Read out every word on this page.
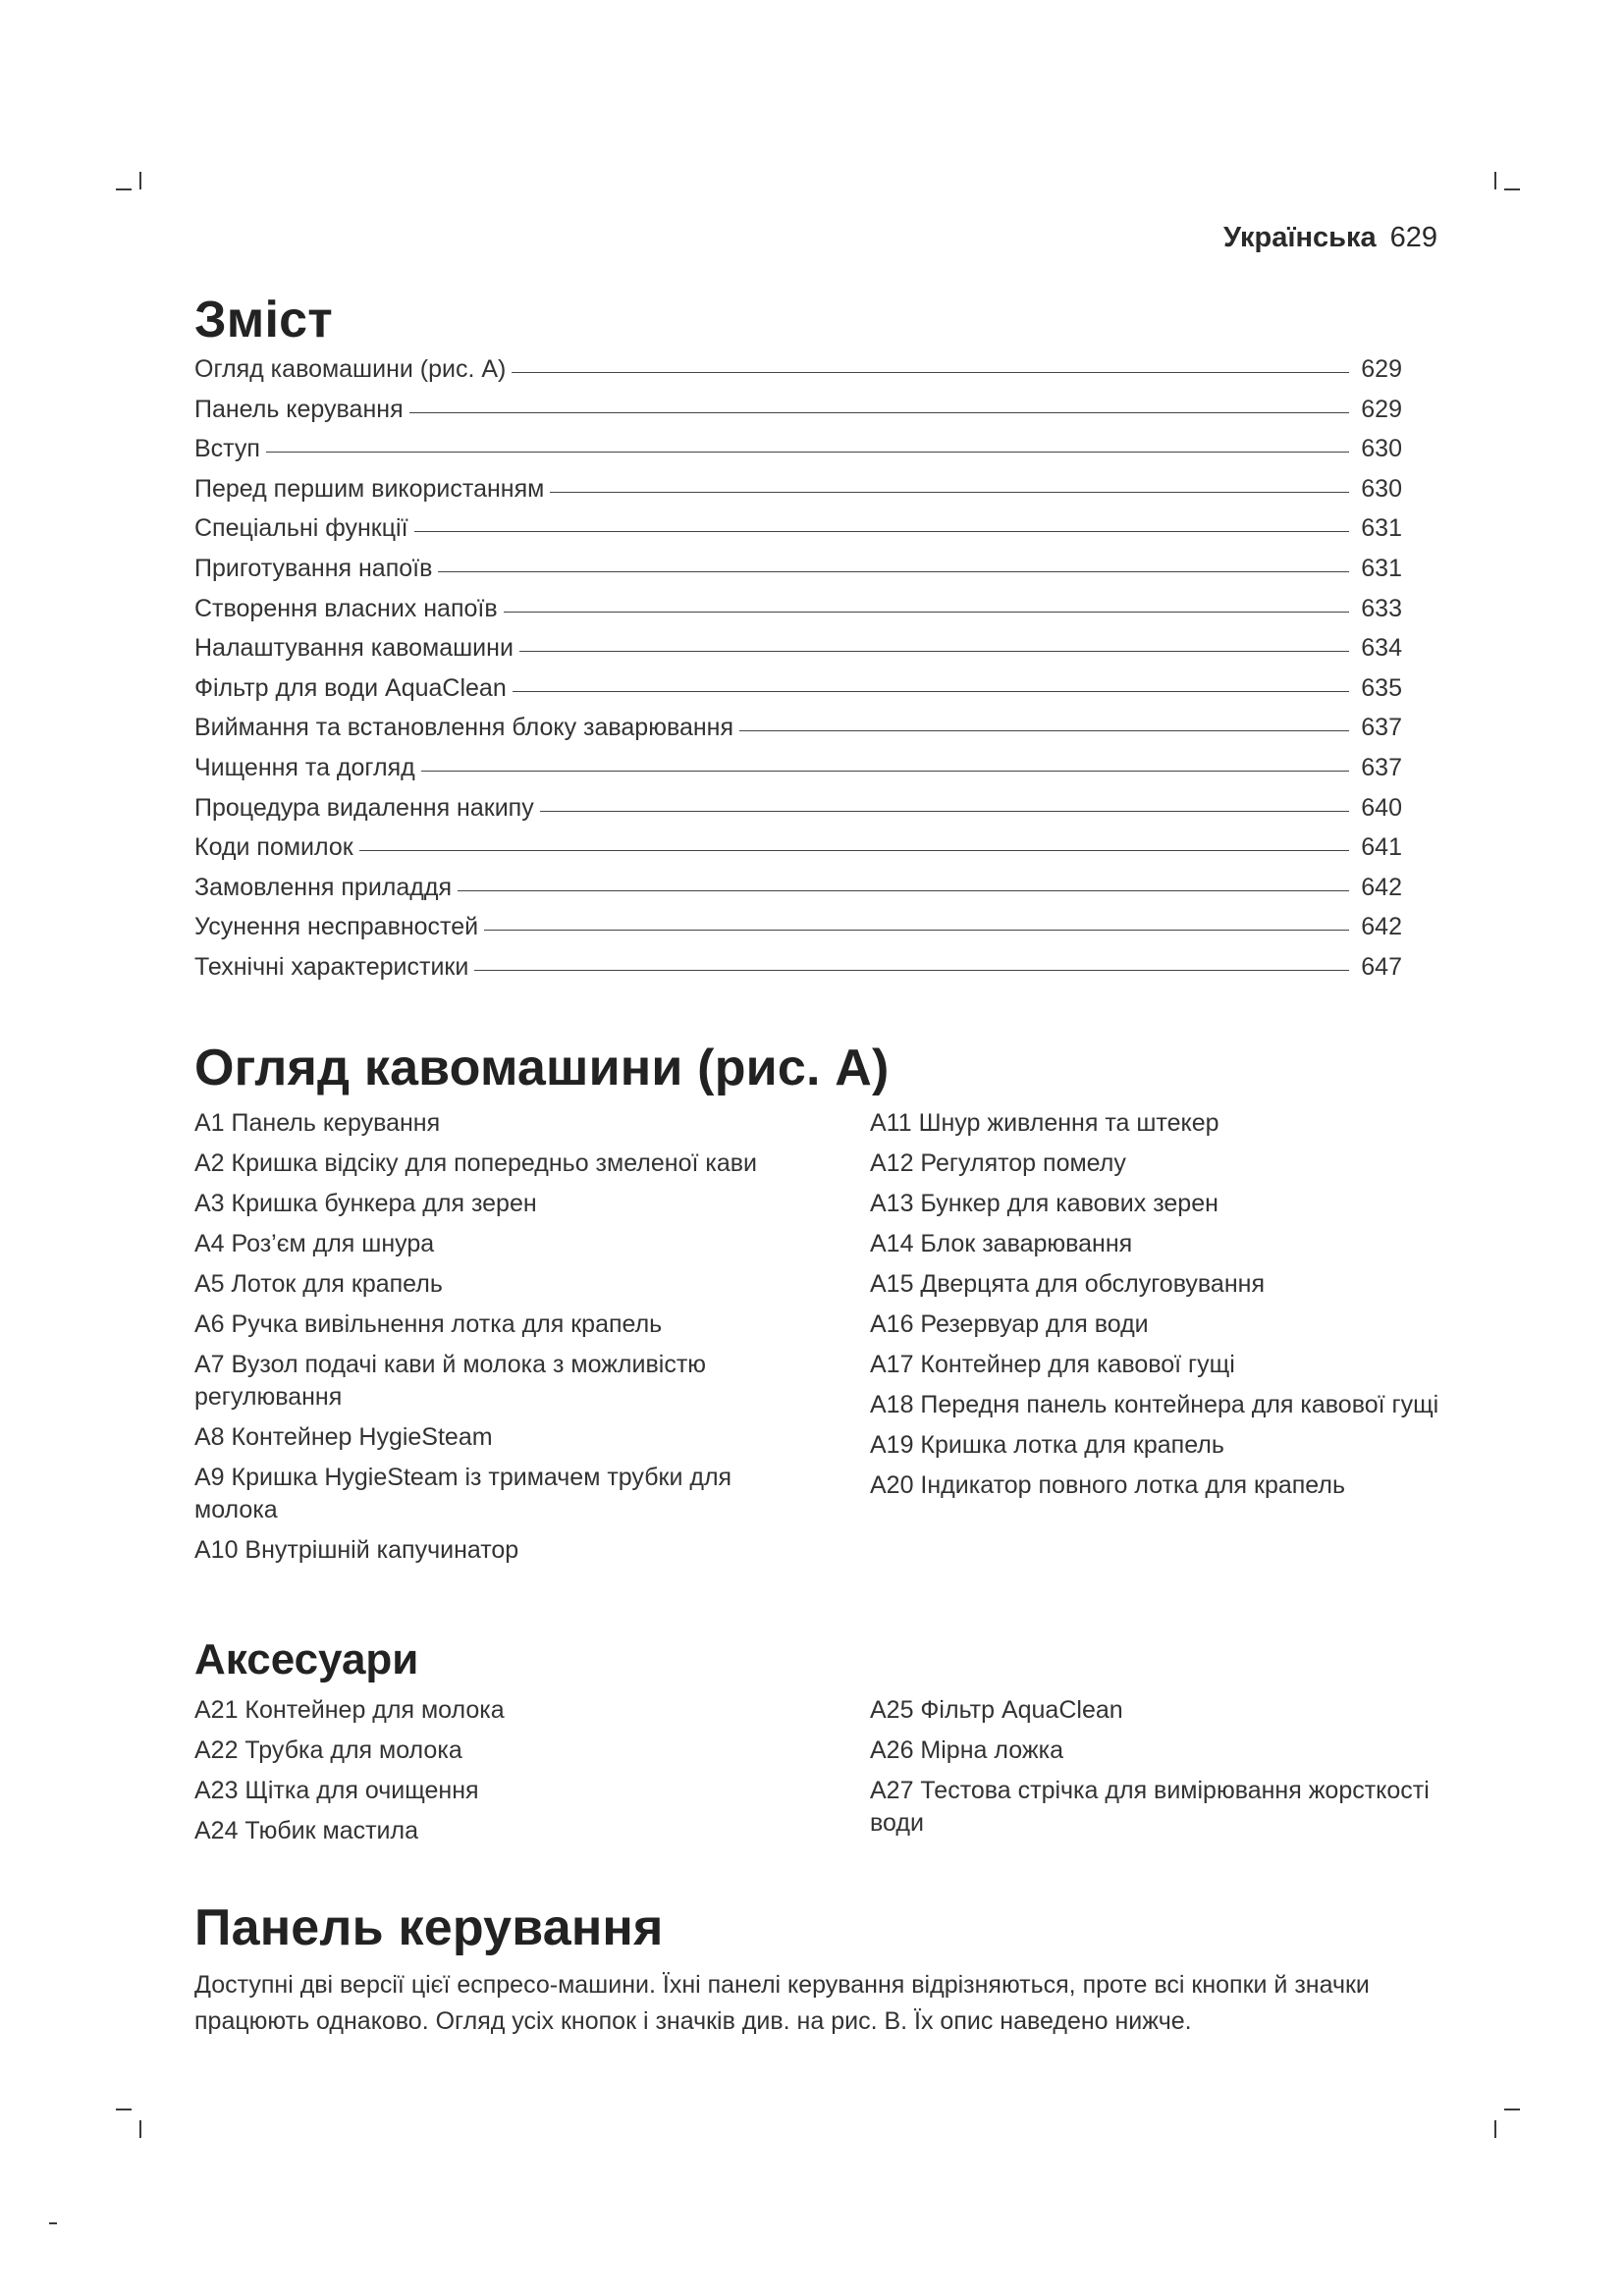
Українська 629
Зміст
Огляд кавомашини (рис. A)	629
Панель керування	629
Вступ	630
Перед першим використанням	630
Спеціальні функції	631
Приготування напоїв	631
Створення власних напоїв	633
Налаштування кавомашини	634
Фільтр для води AquaClean	635
Виймання та встановлення блоку заварювання	637
Чищення та догляд	637
Процедура видалення накипу	640
Коди помилок	641
Замовлення приладдя	642
Усунення несправностей	642
Технічні характеристики	647
Огляд кавомашини (рис. A)
A1 Панель керування
A2 Кришка відсіку для попередньо змеленої кави
A3 Кришка бункера для зерен
A4 Роз’єм для шнура
A5 Лоток для крапель
A6 Ручка вивільнення лотка для крапель
A7 Вузол подачі кави й молока з можливістю регулювання
A8 Контейнер HygieSteam
A9 Кришка HygieSteam із тримачем трубки для молока
A10 Внутрішній капучинатор
A11 Шнур живлення та штекер
A12 Регулятор помелу
A13 Бункер для кавових зерен
A14 Блок заварювання
A15 Дверцята для обслуговування
A16 Резервуар для води
A17 Контейнер для кавової гущі
A18 Передня панель контейнера для кавової гущі
A19 Кришка лотка для крапель
A20 Індикатор повного лотка для крапель
Аксесуари
A21 Контейнер для молока
A22 Трубка для молока
A23 Щітка для очищення
A24 Тюбик мастила
A25 Фільтр AquaClean
A26 Мірна ложка
A27 Тестова стрічка для вимірювання жорсткості води
Панель керування

Доступні дві версії цієї еспресо-машини. Їхні панелі керування відрізняються, проте всі кнопки й значки працюють однаково. Огляд усіх кнопок і значків див. на рис. B. Їх опис наведено нижче.
